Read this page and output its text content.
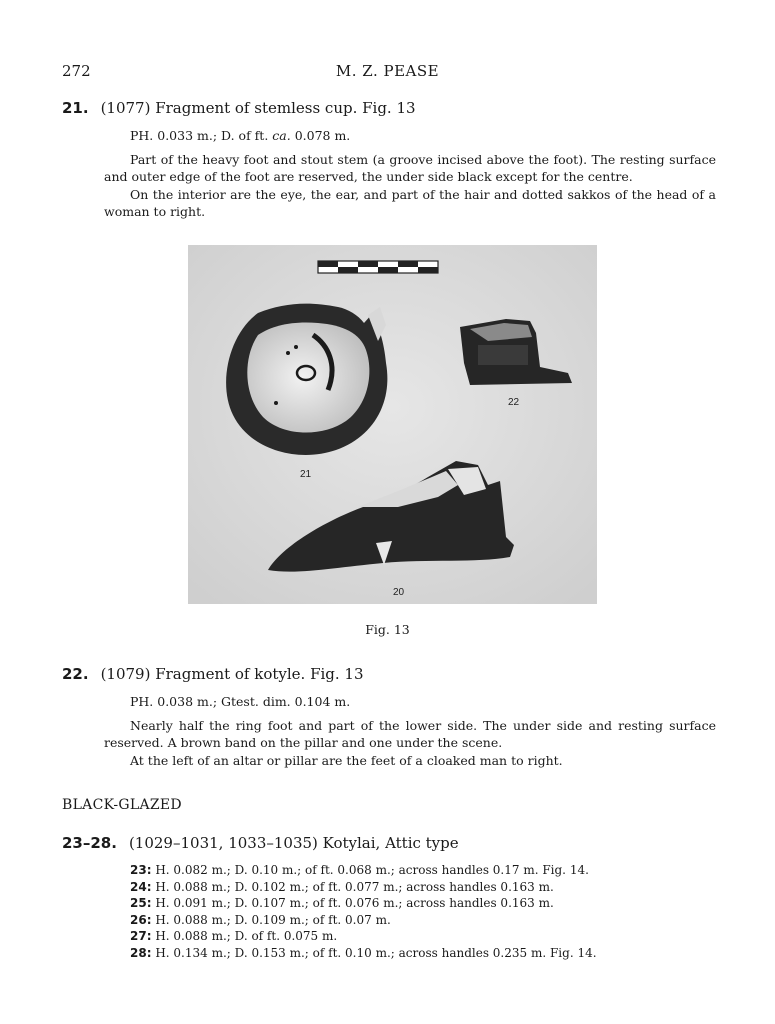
272	M. Z. PEASE
21. (1077) Fragment of stemless cup. Fig. 13
PH. 0.033 m.; D. of ft. ca. 0.078 m.
Part of the heavy foot and stout stem (a groove incised above the foot). The resting surface and outer edge of the foot are reserved, the under side black except for the centre.
On the interior are the eye, the ear, and part of the hair and dotted sakkos of the head of a woman to right.
21
22
20
Fig. 13
22. (1079) Fragment of kotyle. Fig. 13
PH. 0.038 m.; Gtest. dim. 0.104 m.
Nearly half the ring foot and part of the lower side. The under side and resting surface reserved. A brown band on the pillar and one under the scene.
At the left of an altar or pillar are the feet of a cloaked man to right.
BLACK-GLAZED
23–28. (1029–1031, 1033–1035) Kotylai, Attic type
23: H. 0.082 m.; D. 0.10 m.; of ft. 0.068 m.; across handles 0.17 m. Fig. 14.
24: H. 0.088 m.; D. 0.102 m.; of ft. 0.077 m.; across handles 0.163 m.
25: H. 0.091 m.; D. 0.107 m.; of ft. 0.076 m.; across handles 0.163 m.
26: H. 0.088 m.; D. 0.109 m.; of ft. 0.07 m.
27: H. 0.088 m.; D. of ft. 0.075 m.
28: H. 0.134 m.; D. 0.153 m.; of ft. 0.10 m.; across handles 0.235 m. Fig. 14.
